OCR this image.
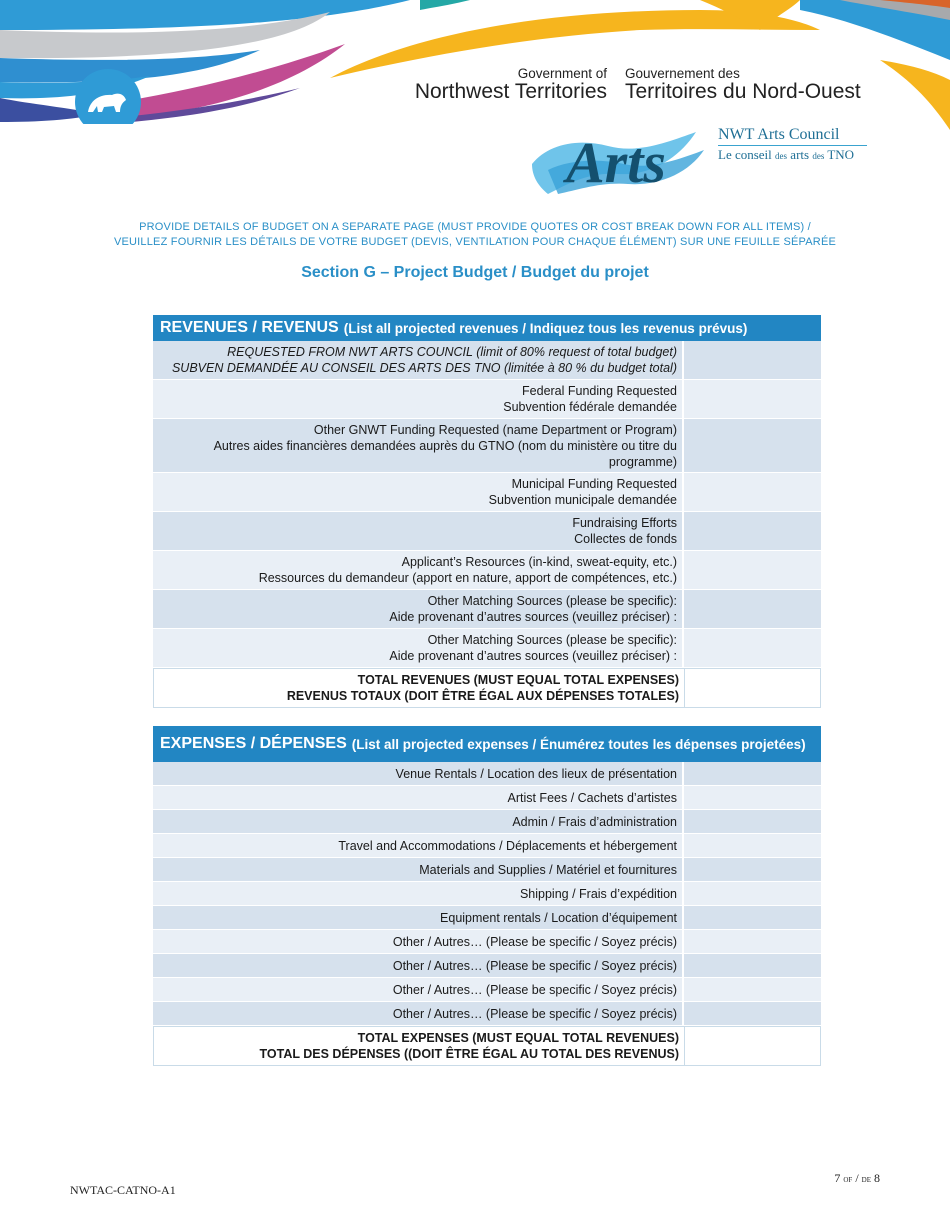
Arts
Government of
Northwest Territories
Gouvernement des
Territoires du Nord-Ouest
NWT Arts Council
Le conseil des arts des TNO
PROVIDE DETAILS OF BUDGET ON A SEPARATE PAGE (MUST PROVIDE QUOTES OR COST BREAK DOWN FOR ALL ITEMS) /
VEUILLEZ FOURNIR LES DÉTAILS DE VOTRE BUDGET (DEVIS, VENTILATION POUR CHAQUE ÉLÉMENT) SUR UNE FEUILLE SÉPARÉE
Section G – Project Budget / Budget du projet
REVENUES / REVENUS (List all projected revenues / Indiquez tous les revenus prévus)
REQUESTED FROM NWT ARTS COUNCIL (limit of 80% request of total budget)
SUBVEN DEMANDÉE AU CONSEIL DES ARTS DES TNO (limitée à 80 % du budget total)
Federal Funding Requested
Subvention fédérale demandée
Other GNWT Funding Requested (name Department or Program)
Autres aides financières demandées auprès du GTNO (nom du ministère ou titre du
programme)
Municipal Funding Requested
Subvention municipale demandée
Fundraising Efforts
Collectes de fonds
Applicant’s Resources (in-kind, sweat-equity, etc.)
Ressources du demandeur (apport en nature, apport de compétences, etc.)
Other Matching Sources (please be specific):
Aide provenant d’autres sources (veuillez préciser) :
Other Matching Sources (please be specific):
Aide provenant d’autres sources (veuillez préciser) :
TOTAL REVENUES (MUST EQUAL TOTAL EXPENSES)
REVENUS TOTAUX (DOIT ÊTRE ÉGAL AUX DÉPENSES TOTALES)
EXPENSES / DÉPENSES (List all projected expenses / Énumérez toutes les dépenses projetées)
Venue Rentals / Location des lieux de présentation
Artist Fees / Cachets d’artistes
Admin / Frais d’administration
Travel and Accommodations / Déplacements et hébergement
Materials and Supplies / Matériel et fournitures
Shipping / Frais d’expédition
Equipment rentals / Location d’équipement
Other / Autres… (Please be specific / Soyez précis)
Other / Autres… (Please be specific / Soyez précis)
Other / Autres… (Please be specific / Soyez précis)
Other / Autres… (Please be specific / Soyez précis)
TOTAL EXPENSES (MUST EQUAL TOTAL REVENUES)
TOTAL DES DÉPENSES ((DOIT ÊTRE ÉGAL AU TOTAL DES REVENUS)
NWTAC-CATNO-A1
7 of / de 8
